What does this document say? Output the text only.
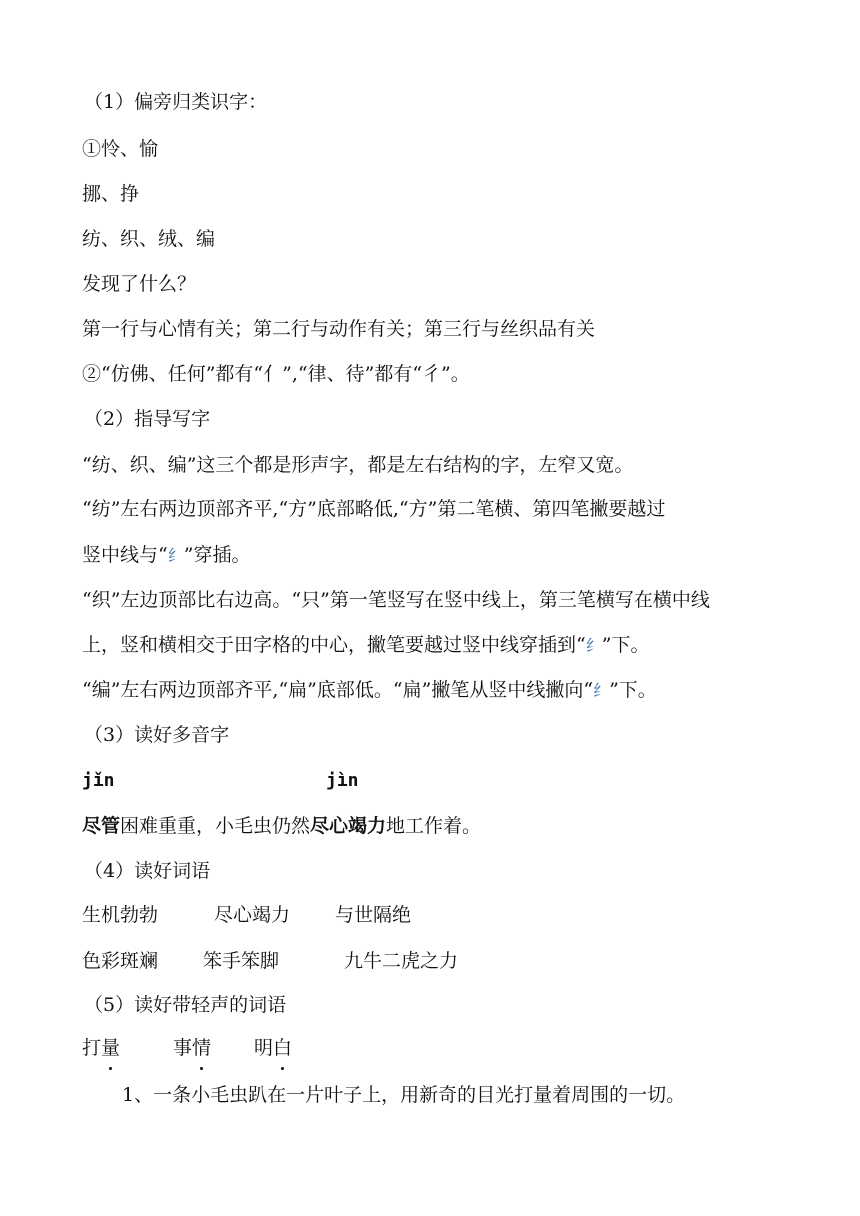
（1）偏旁归类识字：
①怜、愉
挪、挣
纺、织、绒、编
发现了什么？
第一行与心情有关；第二行与动作有关；第三行与丝织品有关
②“仿佛、任何”都有“亻”,“律、待”都有“彳”。
（2）指导写字
“纺、织、编”这三个都是形声字，都是左右结构的字，左窄又宽。
“纺”左右两边顶部齐平,“方”底部略低,“方”第二笔横、第四笔撇要越过
竖中线与“纟”穿插。
“织”左边顶部比右边高。“只”第一笔竖写在竖中线上，第三笔横写在横中线
上，竖和横相交于田字格的中心，撇笔要越过竖中线穿插到“纟”下。
“编”左右两边顶部齐平,“扁”底部低。“扁”撇笔从竖中线撇向“纟”下。
（3）读好多音字
jǐn	jìn
尽管困难重重，小毛虫仍然尽心竭力地工作着。
（4）读好词语
生机勃勃	尽心竭力 与世隔绝
色彩斑斓 笨手笨脚	九牛二虎之力
（5）读好带轻声的词语
打量	事情 明白
1、一条小毛虫趴在一片叶子上，用新奇的目光打量着周围的一切。
